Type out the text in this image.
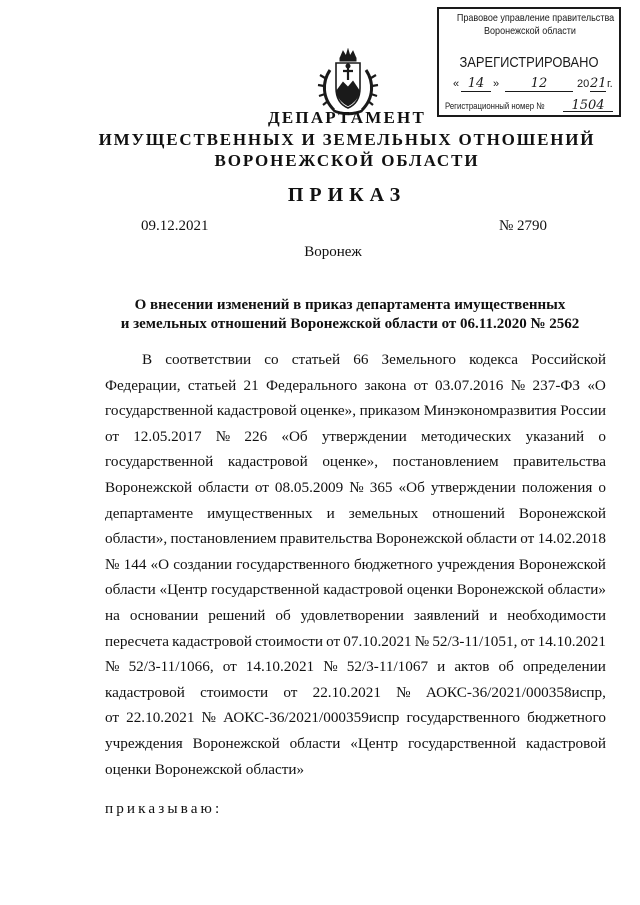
Правовое управление правительства
Воронежской области
ЗАРЕГИСТРИРОВАНО
« 14 »	12	20 21 г.
Регистрационный номер №	1504
ДЕПАРТАМЕНТ
ИМУЩЕСТВЕННЫХ И ЗЕМЕЛЬНЫХ ОТНОШЕНИЙ
ВОРОНЕЖСКОЙ ОБЛАСТИ
ПРИКАЗ
09.12.2021	№ 2790
Воронеж
О внесении изменений в приказ департамента имущественных
и земельных отношений Воронежской области от 06.11.2020 № 2562
В соответствии со статьей 66 Земельного кодекса Российской
Федерации, статьей 21 Федерального закона от 03.07.2016 № 237-ФЗ «О
государственной кадастровой оценке», приказом Минэкономразвития России
от 12.05.2017 № 226 «Об утверждении методических указаний о
государственной кадастровой оценке», постановлением правительства
Воронежской области от 08.05.2009 № 365 «Об утверждении положения о
департаменте имущественных и земельных отношений Воронежской
области», постановлением правительства Воронежской области от 14.02.2018
№ 144 «О создании государственного бюджетного учреждения Воронежской
области «Центр государственной кадастровой оценки Воронежской области»
на основании решений об удовлетворении заявлений и необходимости
пересчета кадастровой стоимости от 07.10.2021 № 52/3-11/1051, от 14.10.2021
№ 52/3-11/1066, от 14.10.2021 № 52/3-11/1067 и актов об определении
кадастровой стоимости от 22.10.2021 № АОКС-36/2021/000358испр,
от 22.10.2021 № АОКС-36/2021/000359испр государственного бюджетного
учреждения Воронежской области «Центр государственной кадастровой
оценки Воронежской области»
приказываю:
